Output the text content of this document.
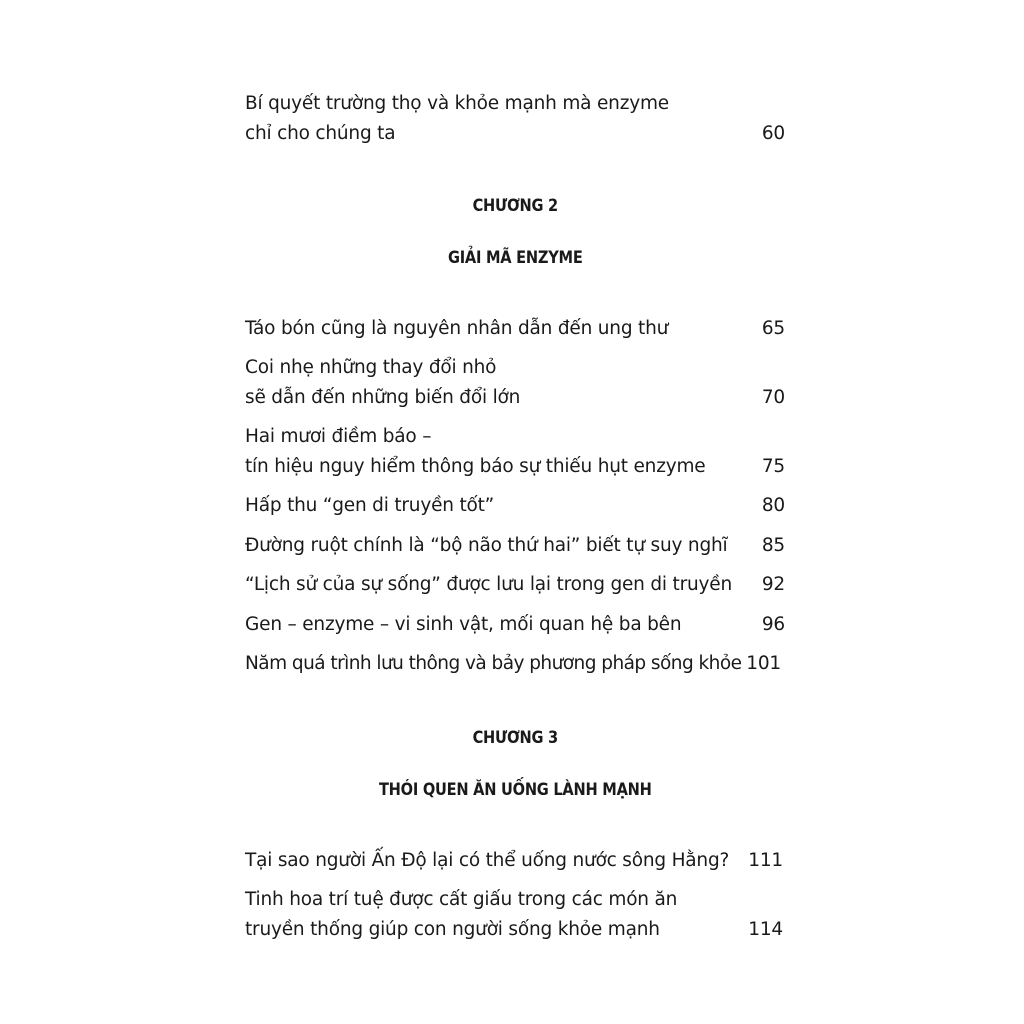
Bí quyết trường thọ và khỏe mạnh mà enzyme
chỉ cho chúng ta	60
CHƯƠNG 2
GIẢI MÃ ENZYME
Táo bón cũng là nguyên nhân dẫn đến ung thư	65
Coi nhẹ những thay đổi nhỏ
sẽ dẫn đến những biến đổi lớn	70
Hai mươi điềm báo –
tín hiệu nguy hiểm thông báo sự thiếu hụt enzyme	75
Hấp thu “gen di truyền tốt”	80
Đường ruột chính là “bộ não thứ hai” biết tự suy nghĩ	85
“Lịch sử của sự sống” được lưu lại trong gen di truyền	92
Gen – enzyme – vi sinh vật, mối quan hệ ba bên	96
Năm quá trình lưu thông và bảy phương pháp sống khỏe 101
CHƯƠNG 3
THÓI QUEN ĂN UỐNG LÀNH MẠNH
Tại sao người Ấn Độ lại có thể uống nước sông Hằng?	111
Tinh hoa trí tuệ được cất giấu trong các món ăn
truyền thống giúp con người sống khỏe mạnh	114
